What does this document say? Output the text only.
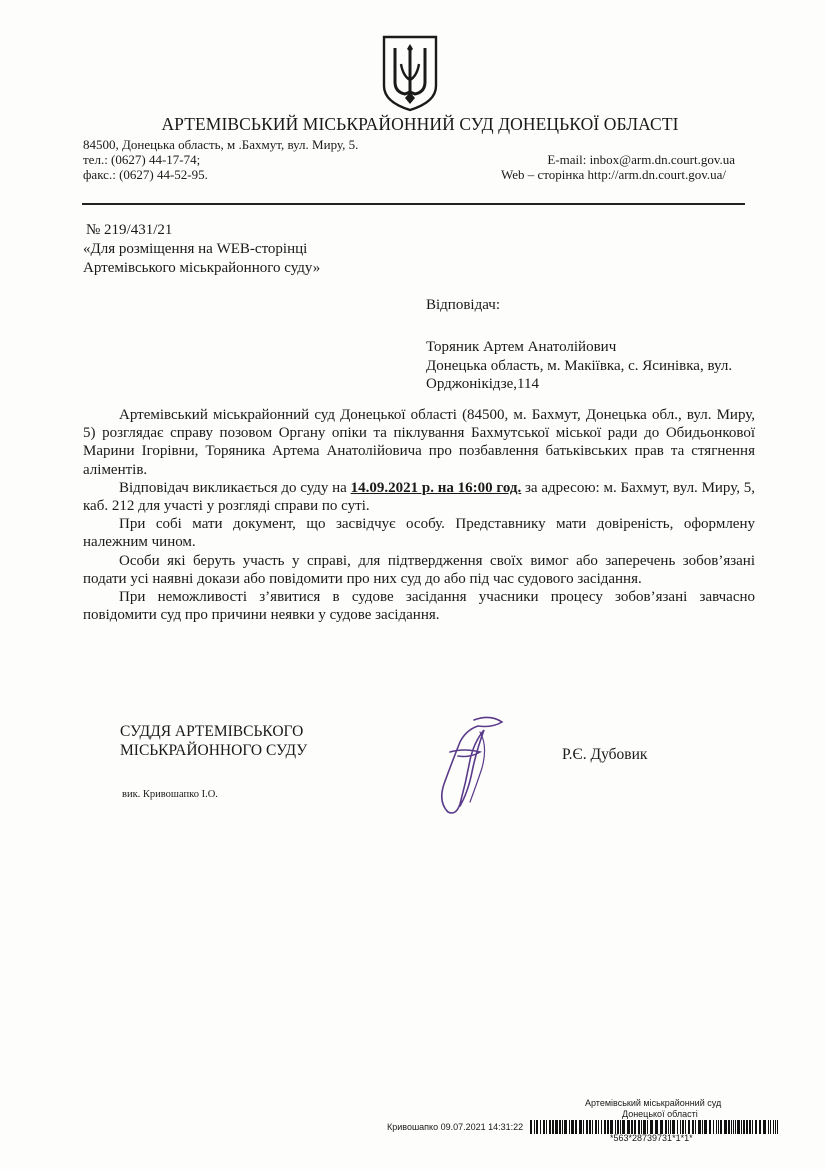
АРТЕМІВСЬКИЙ МІСЬКРАЙОННИЙ СУД ДОНЕЦЬКОЇ ОБЛАСТІ
84500, Донецька область, м .Бахмут, вул. Миру, 5.
тел.: (0627) 44-17-74;
факс.: (0627) 44-52-95.
E-mail: inbox@arm.dn.court.gov.ua
Web – сторінка http://arm.dn.court.gov.ua/
№ 219/431/21
«Для розміщення на WEB-сторінці
Артемівського міськрайонного суду»
Відповідач:
Торяник Артем Анатолійович
Донецька область, м. Макіївка, с. Ясинівка, вул.
Орджонікідзе,114

Артемівський міськрайонний суд Донецької області (84500, м. Бахмут, Донецька обл., вул. Миру, 5) розглядає справу позовом Органу опіки та піклування Бахмутської міської ради до Обидьонкової Марини Ігорівни, Торяника Артема Анатолійовича про позбавлення батьківських прав та стягнення аліментів.

Відповідач викликається до суду на 14.09.2021 р. на 16:00 год. за адресою: м. Бахмут, вул. Миру, 5, каб. 212 для участі у розгляді справи по суті.

При собі мати документ, що засвідчує особу. Представнику мати довіреність, оформлену належним чином.

Особи які беруть участь у справі, для підтвердження своїх вимог або заперечень зобов’язані подати усі наявні докази або повідомити про них суд до або під час судового засідання.

При неможливості з’явитися в судове засідання учасники процесу зобов’язані завчасно повідомити суд про причини неявки у судове засідання.

СУДДЯ АРТЕМІВСЬКОГО
МІСЬКРАЙОННОГО СУДУ	Р.Є. Дубовик
вик. Кривошапко І.О.
Артемівський міськрайонний суд
Донецької області
Кривошапко 09.07.2021 14:31:22
*563*28739731*1*1*
